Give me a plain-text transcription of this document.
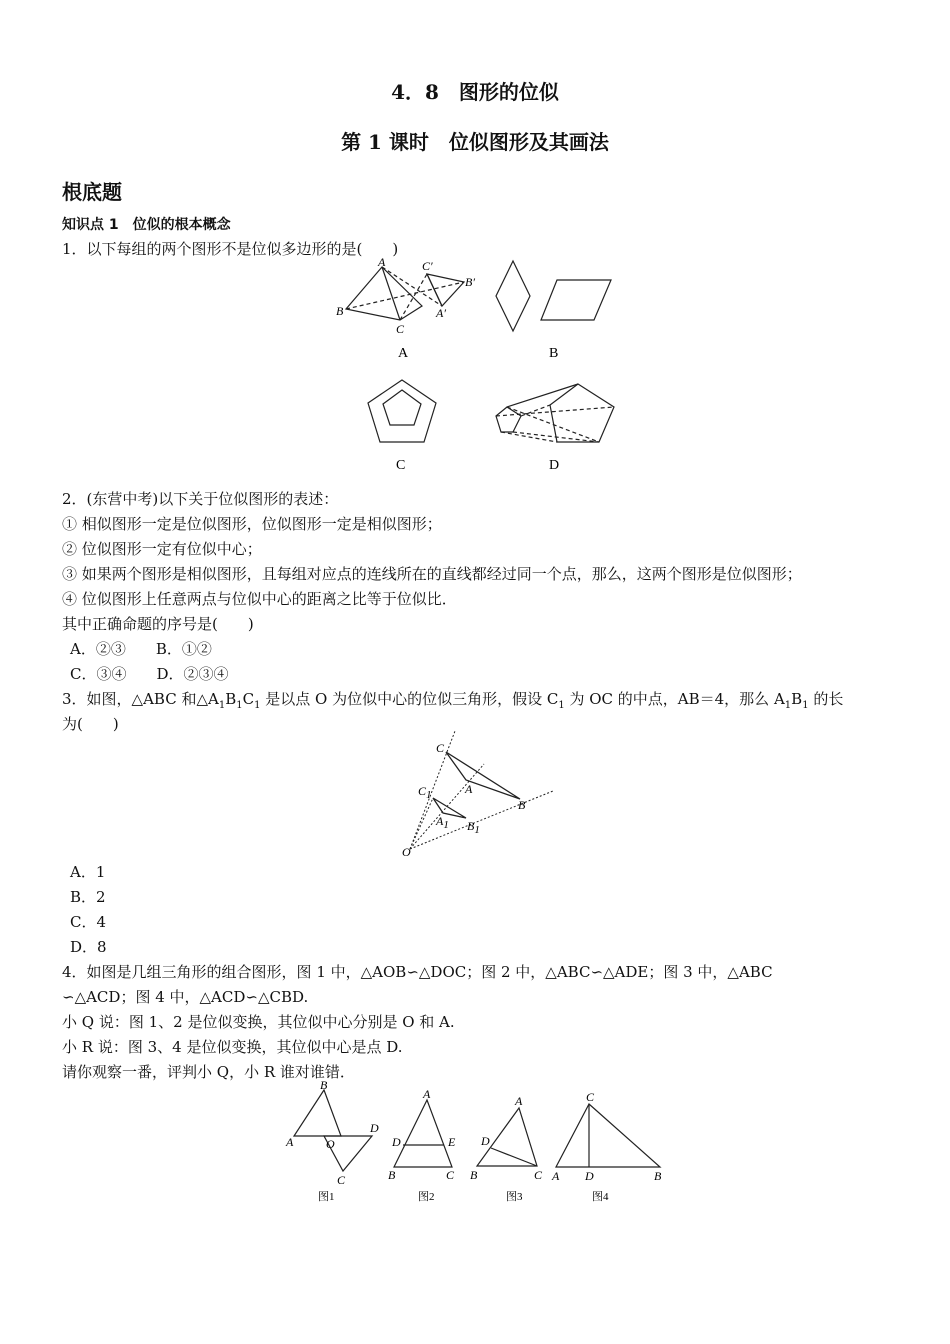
4．8　图形的位似
第 1 课时　位似图形及其画法
根底题
知识点 1　位似的根本概念
1．以下每组的两个图形不是位似多边形的是(　　)
A
B
C
C′
B′
A′
A	B
C	D
2．(东营中考)以下关于位似图形的表述：
① 相似图形一定是位似图形，位似图形一定是相似图形；
② 位似图形一定有位似中心；
③ 如果两个图形是相似图形，且每组对应点的连线所在的直线都经过同一个点，那么，这两个图形是位似图形；
④ 位似图形上任意两点与位似中心的距离之比等于位似比．
其中正确命题的序号是(　　)
A．②③　　B．①②
C．③④　　D．②③④
3．如图，△ABC 和$\triangle A_1B_1C_1$ 是以点 O 为位似中心的位似三角形，假设 $C_1$ 为 OC 的中点，AB＝4，那么 $A_1B_1$ 的长
为(　　)
C
C1	A
A1
B
B1
O
A．1
B．2
C．4
D．8
4．如图是几组三角形的组合图形，图 1 中，△AOB∽△DOC；图 2 中，△ABC∽△ADE；图 3 中，△ABC
∽△ACD；图 4 中，△ACD∽△CBD.
小 Q 说：图 1、2 是位似变换，其位似中心分别是 O 和 A.
小 R 说：图 3、4 是位似变换，其位似中心是点 D.
请你观察一番，评判小 Q，小 R 谁对谁错．
B
A	O
D
C
图1
A
D	E
B	C
图2
A
D
B	C
图3
C
A D	B
图4
